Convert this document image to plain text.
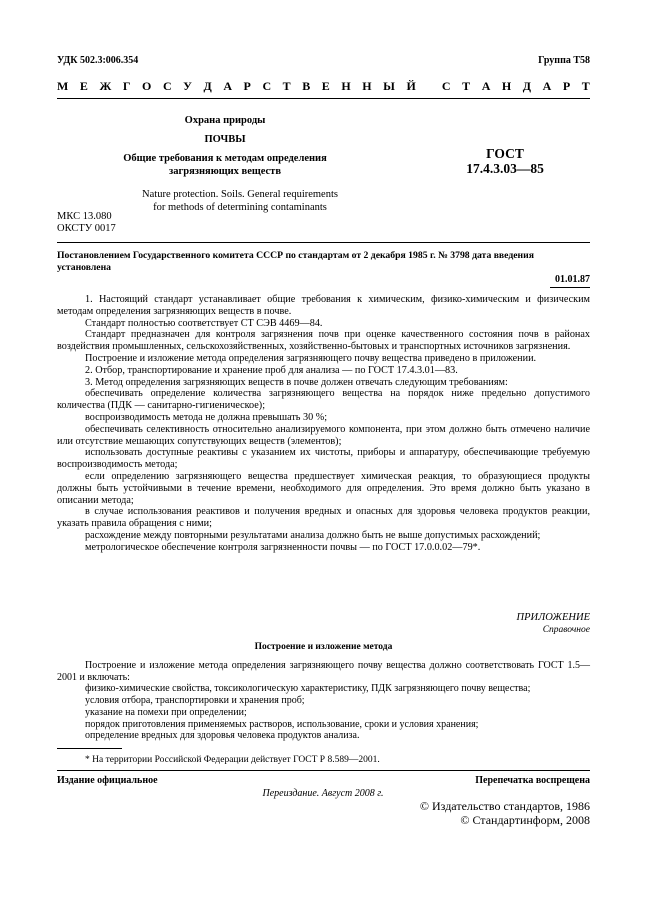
УДК 502.3:006.354	Группа Т58
М Е Ж Г О С У Д А Р С Т В Е Н Н Ы Й
С Т А Н Д А Р Т
Охрана природы
ПОЧВЫ
Общие требования к методам определения
загрязняющих веществ
ГОСТ
17.4.3.03—85
Nature protection. Soils. General requirements
for methods of determining contaminants
МКС 13.080
ОКСТУ 0017
Постановлением Государственного комитета СССР по стандартам от 2 декабря 1985 г. № 3798 дата введения установлена
01.01.87

1. Настоящий стандарт устанавливает общие требования к химическим, физико-химическим и физическим методам определения загрязняющих веществ в почве.

Стандарт полностью соответствует СТ СЭВ 4469—84.

Стандарт предназначен для контроля загрязнения почв при оценке качественного состояния почв в районах воздействия промышленных, сельскохозяйственных, хозяйственно-бытовых и транспортных источников загрязнения.

Построение и изложение метода определения загрязняющего почву вещества приведено в приложении.

2. Отбор, транспортирование и хранение проб для анализа — по ГОСТ 17.4.3.01—83.

3. Метод определения загрязняющих веществ в почве должен отвечать следующим требованиям:

обеспечивать определение количества загрязняющего вещества на порядок ниже предельно допустимого количества (ПДК — санитарно-гигиеническое);

воспроизводимость метода не должна превышать 30 %;

обеспечивать селективность относительно анализируемого компонента, при этом должно быть отмечено наличие или отсутствие мешающих сопутствующих веществ (элементов);

использовать доступные реактивы с указанием их чистоты, приборы и аппаратуру, обеспечивающие требуемую воспроизводимость метода;

если определению загрязняющего вещества предшествует химическая реакция, то образующиеся продукты должны быть устойчивыми в течение времени, необходимого для определения. Это время должно быть указано в описании метода;

в случае использования реактивов и получения вредных и опасных для здоровья человека продуктов реакции, указать правила обращения с ними;

расхождение между повторными результатами анализа должно быть не выше допустимых расхождений;

метрологическое обеспечение контроля загрязненности почвы — по ГОСТ 17.0.0.02—79*.

ПРИЛОЖЕНИЕ
Справочное
Построение и изложение метода

Построение и изложение метода определения загрязняющего почву вещества должно соответствовать ГОСТ 1.5—2001 и включать:

физико-химические свойства, токсикологическую характеристику, ПДК загрязняющего почву вещества;

условия отбора, транспортировки и хранения проб;

указание на помехи при определении;

порядок приготовления применяемых растворов, использование, сроки и условия хранения;

определение вредных для здоровья человека продуктов анализа.

* На территории Российской Федерации действует ГОСТ Р 8.589—2001.
Издание официальное	Перепечатка воспрещена
Переиздание. Август 2008 г.
© Издательство стандартов, 1986
© Стандартинформ, 2008
